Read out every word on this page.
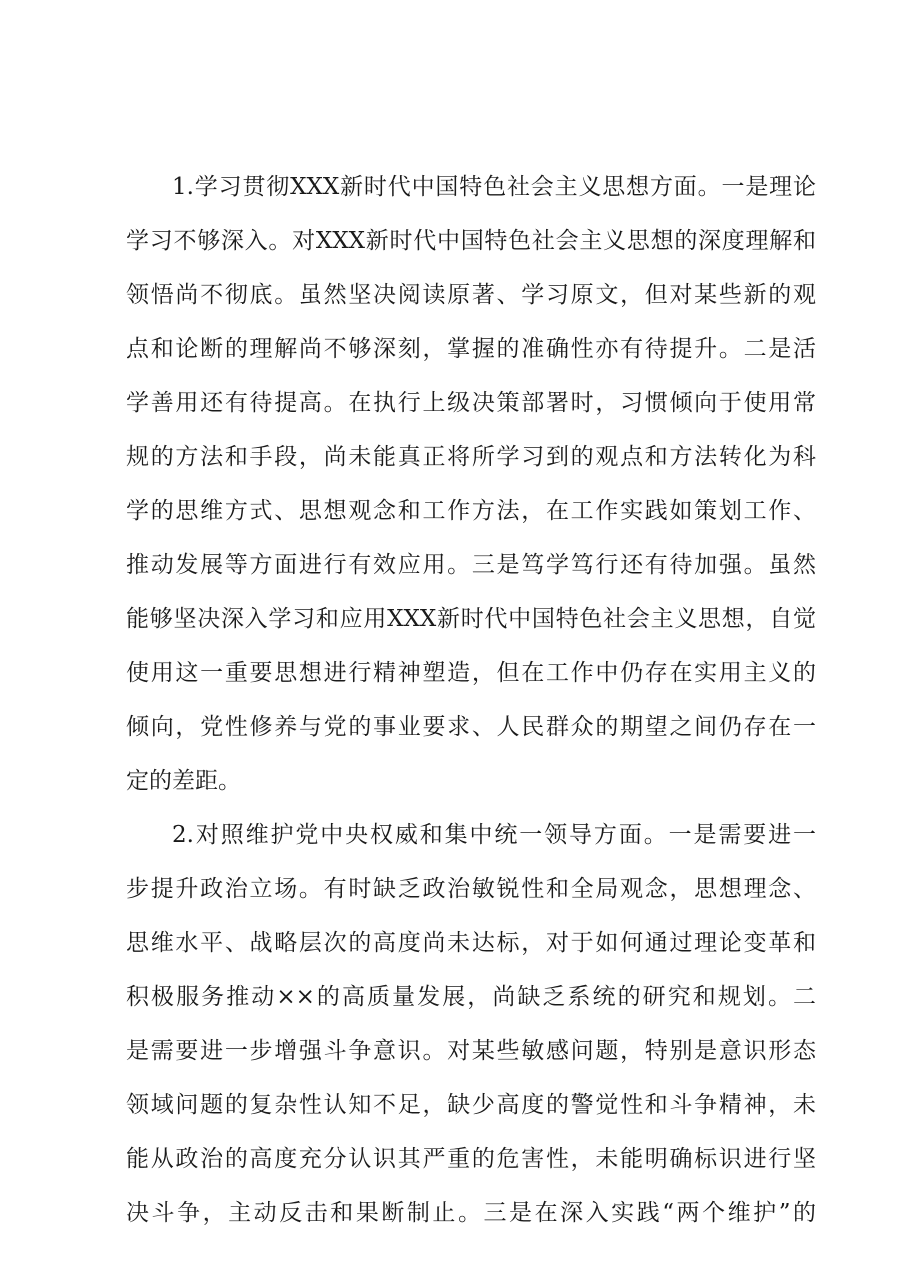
1.学习贯彻XXX新时代中国特色社会主义思想方面。一是理论
学习不够深入。对XXX新时代中国特色社会主义思想的深度理解和
领悟尚不彻底。虽然坚决阅读原著、学习原文，但对某些新的观
点和论断的理解尚不够深刻，掌握的准确性亦有待提升。二是活
学善用还有待提高。在执行上级决策部署时，习惯倾向于使用常
规的方法和手段，尚未能真正将所学习到的观点和方法转化为科
学的思维方式、思想观念和工作方法，在工作实践如策划工作、
推动发展等方面进行有效应用。三是笃学笃行还有待加强。虽然
能够坚决深入学习和应用XXX新时代中国特色社会主义思想，自觉
使用这一重要思想进行精神塑造，但在工作中仍存在实用主义的
倾向，党性修养与党的事业要求、人民群众的期望之间仍存在一
定的差距。
2.对照维护党中央权威和集中统一领导方面。一是需要进一
步提升政治立场。有时缺乏政治敏锐性和全局观念，思想理念、
思维水平、战略层次的高度尚未达标，对于如何通过理论变革和
积极服务推动××的高质量发展，尚缺乏系统的研究和规划。二
是需要进一步增强斗争意识。对某些敏感问题，特别是意识形态
领域问题的复杂性认知不足，缺少高度的警觉性和斗争精神，未
能从政治的高度充分认识其严重的危害性，未能明确标识进行坚
决斗争，主动反击和果断制止。三是在深入实践“两个维护”的
